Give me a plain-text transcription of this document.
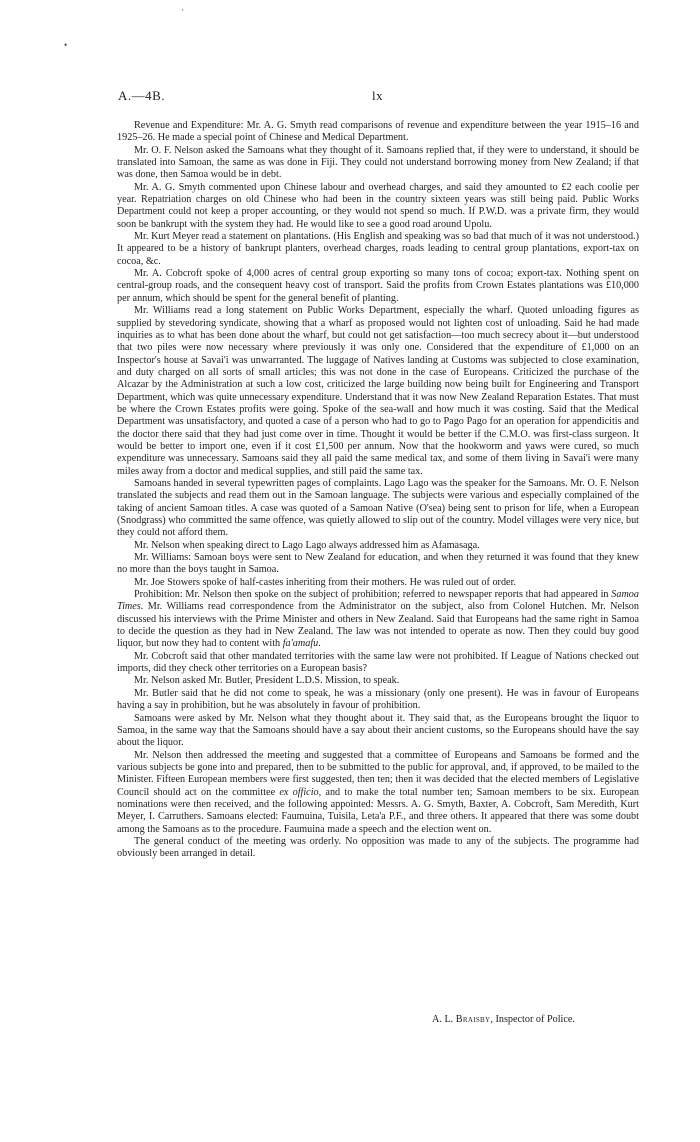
·
•
A.—4B.	lx

Revenue and Expenditure: Mr. A. G. Smyth read comparisons of revenue and expenditure between the year 1915–16 and 1925–26. He made a special point of Chinese and Medical Department.

Mr. O. F. Nelson asked the Samoans what they thought of it. Samoans replied that, if they were to understand, it should be translated into Samoan, the same as was done in Fiji. They could not understand borrowing money from New Zealand; if that was done, then Samoa would be in debt.

Mr. A. G. Smyth commented upon Chinese labour and overhead charges, and said they amounted to £2 each coolie per year. Repatriation charges on old Chinese who had been in the country sixteen years was still being paid. Public Works Department could not keep a proper accounting, or they would not spend so much. If P.W.D. was a private firm, they would soon be bankrupt with the system they had. He would like to see a good road around Upolu.

Mr. Kurt Meyer read a statement on plantations. (His English and speaking was so bad that much of it was not understood.) It appeared to be a history of bankrupt planters, overhead charges, roads leading to central group plantations, export-tax on cocoa, &c.

Mr. A. Cobcroft spoke of 4,000 acres of central group exporting so many tons of cocoa; export-tax. Nothing spent on central-group roads, and the consequent heavy cost of transport. Said the profits from Crown Estates plantations was £10,000 per annum, which should be spent for the general benefit of planting.

Mr. Williams read a long statement on Public Works Department, especially the wharf. Quoted unloading figures as supplied by stevedoring syndicate, showing that a wharf as proposed would not lighten cost of unloading. Said he had made inquiries as to what has been done about the wharf, but could not get satisfaction—too much secrecy about it—but understood that two piles were now necessary where previously it was only one. Considered that the expenditure of £1,000 on an Inspector's house at Savai'i was unwarranted. The luggage of Natives landing at Customs was subjected to close examination, and duty charged on all sorts of small articles; this was not done in the case of Europeans. Criticized the purchase of the Alcazar by the Administration at such a low cost, criticized the large building now being built for Engineering and Transport Department, which was quite unnecessary expenditure. Understand that it was now New Zealand Reparation Estates. That must be where the Crown Estates profits were going. Spoke of the sea-wall and how much it was costing. Said that the Medical Department was unsatisfactory, and quoted a case of a person who had to go to Pago Pago for an operation for appendicitis and the doctor there said that they had just come over in time. Thought it would be better if the C.M.O. was first-class surgeon. It would be better to import one, even if it cost £1,500 per annum. Now that the hookworm and yaws were cured, so much expenditure was unnecessary. Samoans said they all paid the same medical tax, and some of them living in Savai'i were many miles away from a doctor and medical supplies, and still paid the same tax.

Samoans handed in several typewritten pages of complaints. Lago Lago was the speaker for the Samoans. Mr. O. F. Nelson translated the subjects and read them out in the Samoan language. The subjects were various and especially complained of the taking of ancient Samoan titles. A case was quoted of a Samoan Native (O'sea) being sent to prison for life, when a European (Snodgrass) who committed the same offence, was quietly allowed to slip out of the country. Model villages were very nice, but they could not afford them.

Mr. Nelson when speaking direct to Lago Lago always addressed him as Afamasaga.

Mr. Williams: Samoan boys were sent to New Zealand for education, and when they returned it was found that they knew no more than the boys taught in Samoa.

Mr. Joe Stowers spoke of half-castes inheriting from their mothers. He was ruled out of order.

Prohibition: Mr. Nelson then spoke on the subject of prohibition; referred to newspaper reports that had appeared in Samoa Times. Mr. Williams read correspondence from the Administrator on the subject, also from Colonel Hutchen. Mr. Nelson discussed his interviews with the Prime Minister and others in New Zealand. Said that Europeans had the same right in Samoa to decide the question as they had in New Zealand. The law was not intended to operate as now. Then they could buy good liquor, but now they had to content with fa'amafu.

Mr. Cobcroft said that other mandated territories with the same law were not prohibited. If League of Nations checked out imports, did they check other territories on a European basis?

Mr. Nelson asked Mr. Butler, President L.D.S. Mission, to speak.

Mr. Butler said that he did not come to speak, he was a missionary (only one present). He was in favour of Europeans having a say in prohibition, but he was absolutely in favour of prohibition.

Samoans were asked by Mr. Nelson what they thought about it. They said that, as the Europeans brought the liquor to Samoa, in the same way that the Samoans should have a say about their ancient customs, so the Europeans should have the say about the liquor.

Mr. Nelson then addressed the meeting and suggested that a committee of Europeans and Samoans be formed and the various subjects be gone into and prepared, then to be submitted to the public for approval, and, if approved, to be mailed to the Minister. Fifteen European members were first suggested, then ten; then it was decided that the elected members of Legislative Council should act on the committee ex officio, and to make the total number ten; Samoan members to be six. European nominations were then received, and the following appointed: Messrs. A. G. Smyth, Baxter, A. Cobcroft, Sam Meredith, Kurt Meyer, I. Carruthers. Samoans elected: Faumuina, Tuisila, Leta'a P.F., and three others. It appeared that there was some doubt among the Samoans as to the procedure. Faumuina made a speech and the election went on.

The general conduct of the meeting was orderly. No opposition was made to any of the subjects. The programme had obviously been arranged in detail.

A. L. Braisby, Inspector of Police.
